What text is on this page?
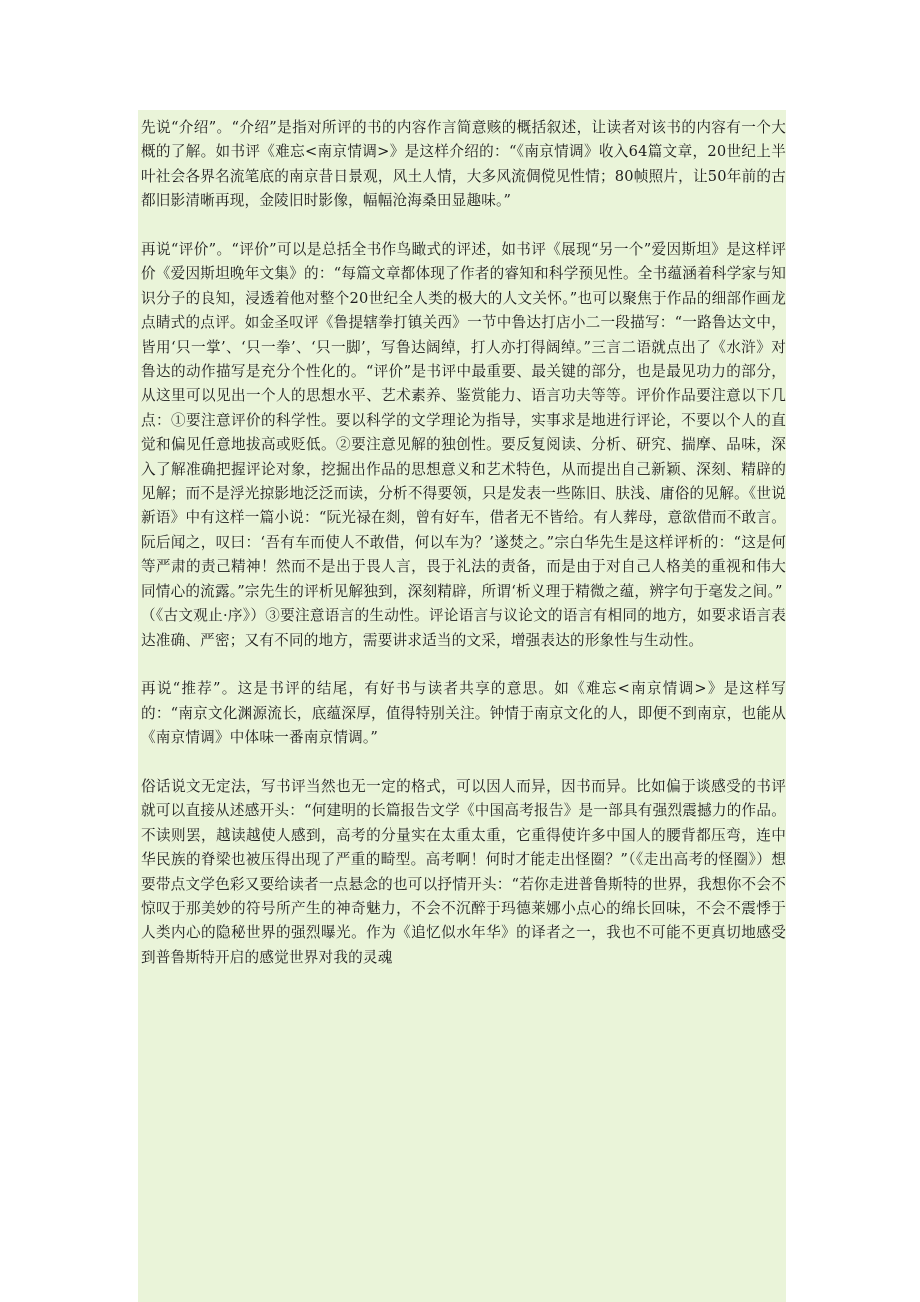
先说“介绍”。“介绍”是指对所评的书的内容作言简意赅的概括叙述，让读者对该书的内容有一个大概的了解。如书评《难忘<南京情调>》是这样介绍的：“《南京情调》收入64篇文章，20世纪上半叶社会各界名流笔底的南京昔日景观，风土人情，大多风流倜傥见性情；80帧照片，让50年前的古都旧影清晰再现，金陵旧时影像，幅幅沧海桑田显趣味。”

再说“评价”。“评价”可以是总括全书作鸟瞰式的评述，如书评《展现“另一个”爱因斯坦》是这样评价《爱因斯坦晚年文集》的：“每篇文章都体现了作者的睿知和科学预见性。全书蕴涵着科学家与知识分子的良知，浸透着他对整个20世纪全人类的极大的人文关怀。”也可以聚焦于作品的细部作画龙点睛式的点评。如金圣叹评《鲁提辖拳打镇关西》一节中鲁达打店小二一段描写：“一路鲁达文中，皆用‘只一掌’、‘只一拳’、‘只一脚’，写鲁达阔绰，打人亦打得阔绰。”三言二语就点出了《水浒》对鲁达的动作描写是充分个性化的。“评价”是书评中最重要、最关键的部分，也是最见功力的部分，从这里可以见出一个人的思想水平、艺术素养、鉴赏能力、语言功夫等等。评价作品要注意以下几点：①要注意评价的科学性。要以科学的文学理论为指导，实事求是地进行评论，不要以个人的直觉和偏见任意地拔高或贬低。②要注意见解的独创性。要反复阅读、分析、研究、揣摩、品味，深入了解准确把握评论对象，挖掘出作品的思想意义和艺术特色，从而提出自己新颖、深刻、精辟的见解；而不是浮光掠影地泛泛而读，分析不得要领，只是发表一些陈旧、肤浅、庸俗的见解。《世说新语》中有这样一篇小说：“阮光禄在剡，曾有好车，借者无不皆给。有人葬母，意欲借而不敢言。阮后闻之，叹曰：‘吾有车而使人不敢借，何以车为？’遂焚之。”宗白华先生是这样评析的：“这是何等严肃的责己精神！然而不是出于畏人言，畏于礼法的责备，而是由于对自己人格美的重视和伟大同情心的流露。”宗先生的评析见解独到，深刻精辟，所谓‘析义理于精微之蕴，辨字句于毫发之间。”

（《古文观止·序》）③要注意语言的生动性。评论语言与议论文的语言有相同的地方，如要求语言表达准确、严密；又有不同的地方，需要讲求适当的文采，增强表达的形象性与生动性。

再说“推荐”。这是书评的结尾，有好书与读者共享的意思。如《难忘<南京情调>》是这样写的：“南京文化渊源流长，底蕴深厚，值得特别关注。钟情于南京文化的人，即便不到南京，也能从《南京情调》中体味一番南京情调。”

俗话说文无定法，写书评当然也无一定的格式，可以因人而异，因书而异。比如偏于谈感受的书评就可以直接从述感开头：“何建明的长篇报告文学《中国高考报告》是一部具有强烈震撼力的作品。不读则罢，越读越使人感到，高考的分量实在太重太重，它重得使许多中国人的腰背都压弯，连中华民族的脊梁也被压得出现了严重的畸型。高考啊！何时才能走出怪圈？”（《走出高考的怪圈》）想要带点文学色彩又要给读者一点悬念的也可以抒情开头：“若你走进普鲁斯特的世界，我想你不会不惊叹于那美妙的符号所产生的神奇魅力，不会不沉醉于玛德莱娜小点心的绵长回味，不会不震悸于人类内心的隐秘世界的强烈曝光。作为《追忆似水年华》的译者之一，我也不可能不更真切地感受到普鲁斯特开启的感觉世界对我的灵魂
